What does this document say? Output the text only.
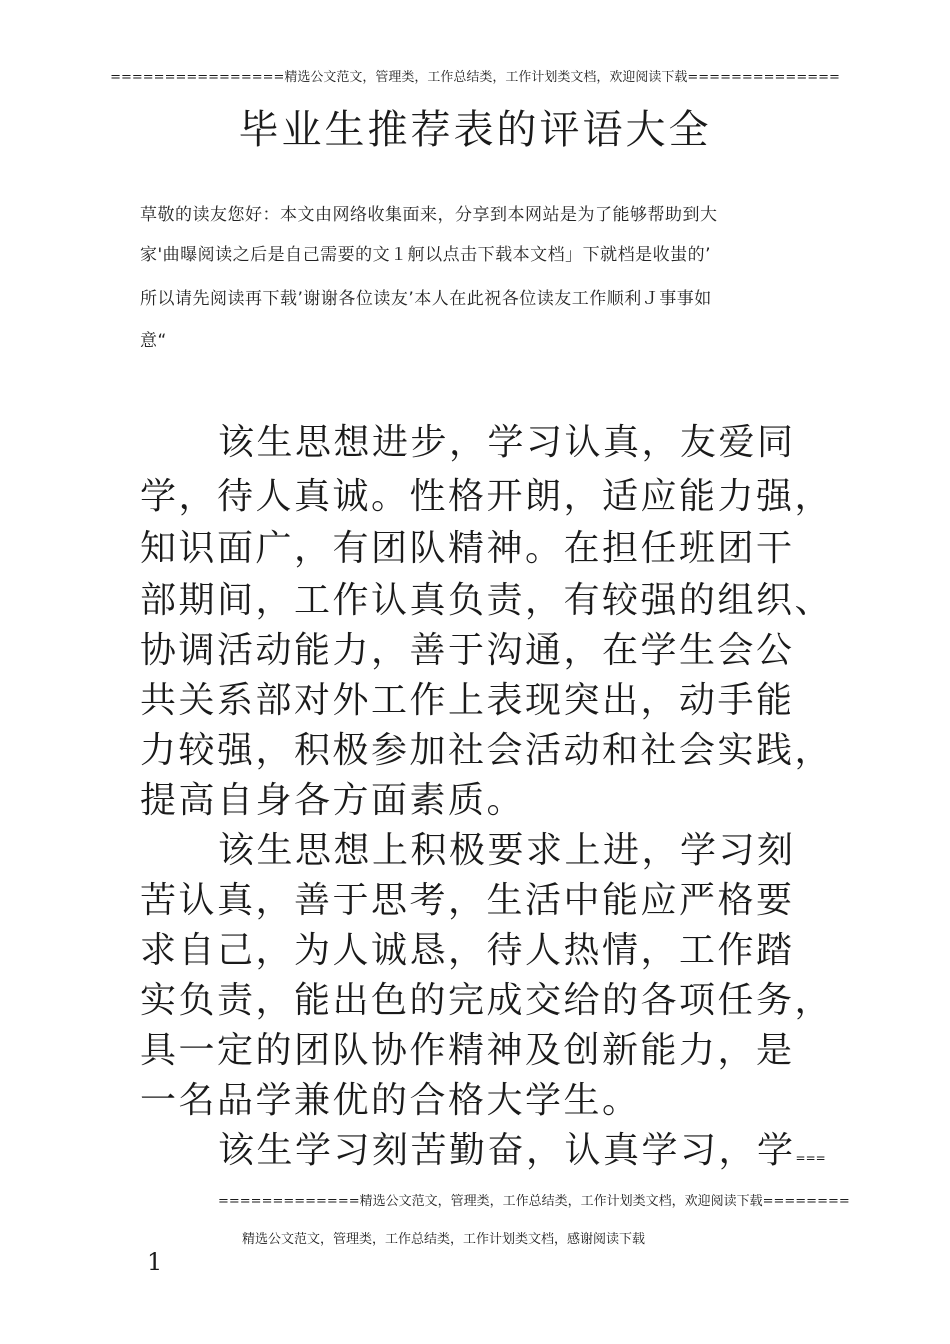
================精选公文范文，管理类，工作总结类，工作计划类文档，欢迎阅读下载==============
毕业生推荐表的评语大全
草敬的读友您好：本文由网络收集面来，分享到本网站是为了能够帮助到大
家'曲曝阅读之后是自己需要的文１舸以点击下载本文档」下就档是收蚩的’
所以请先阅读再下载’谢谢各位读友’本人在此祝各位读友工作顺利Ｊ事事如
意“
该生思想进步，学习认真，友爱同
学，待人真诚。性格开朗，适应能力强，
知识面广，有团队精神。在担任班团干
部期间，工作认真负责，有较强的组织、
协调活动能力，善于沟通，在学生会公
共关系部对外工作上表现突出，动手能
力较强，积极参加社会活动和社会实践，
提高自身各方面素质。
该生思想上积极要求上进，学习刻
苦认真，善于思考，生活中能应严格要
求自己，为人诚恳，待人热情，工作踏
实负责，能出色的完成交给的各项任务，
具一定的团队协作精神及创新能力，是
一名品学兼优的合格大学生。
该生学习刻苦勤奋，认真学习，学===
=============精选公文范文，管理类，工作总结类，工作计划类文档，欢迎阅读下载========
精选公文范文，管理类，工作总结类，工作计划类文档，感谢阅读下载
1
